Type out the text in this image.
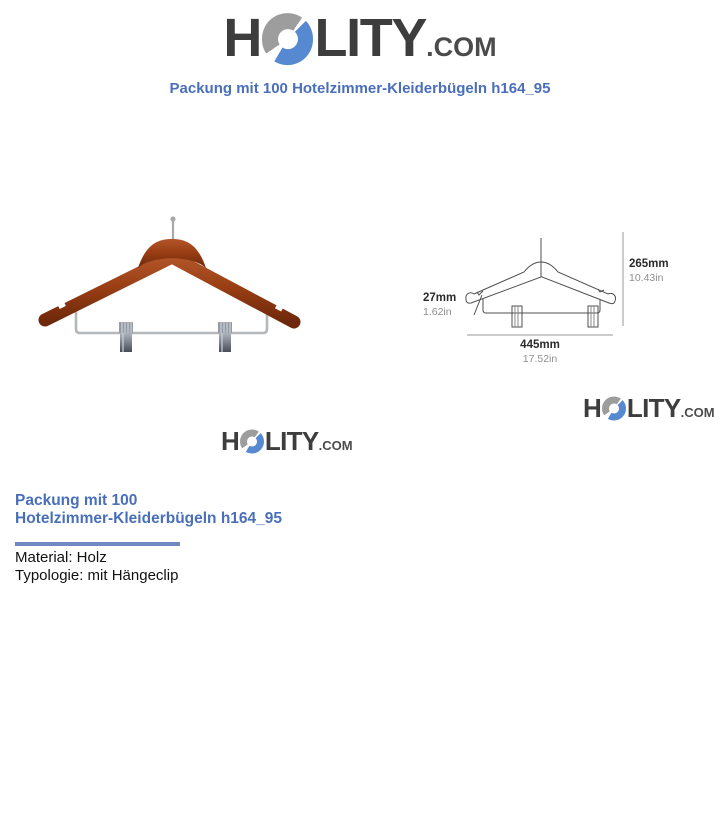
H LITY .COM
Packung mit 100 Hotelzimmer-Kleiderbügeln h164_95
265mm
10.43in
27mm
1.62in
445mm
17.52in
H LITY .COM
H LITY .COM
Packung mit 100
Hotelzimmer-Kleiderbügeln h164_95
Material: Holz
Typologie: mit Hängeclip
